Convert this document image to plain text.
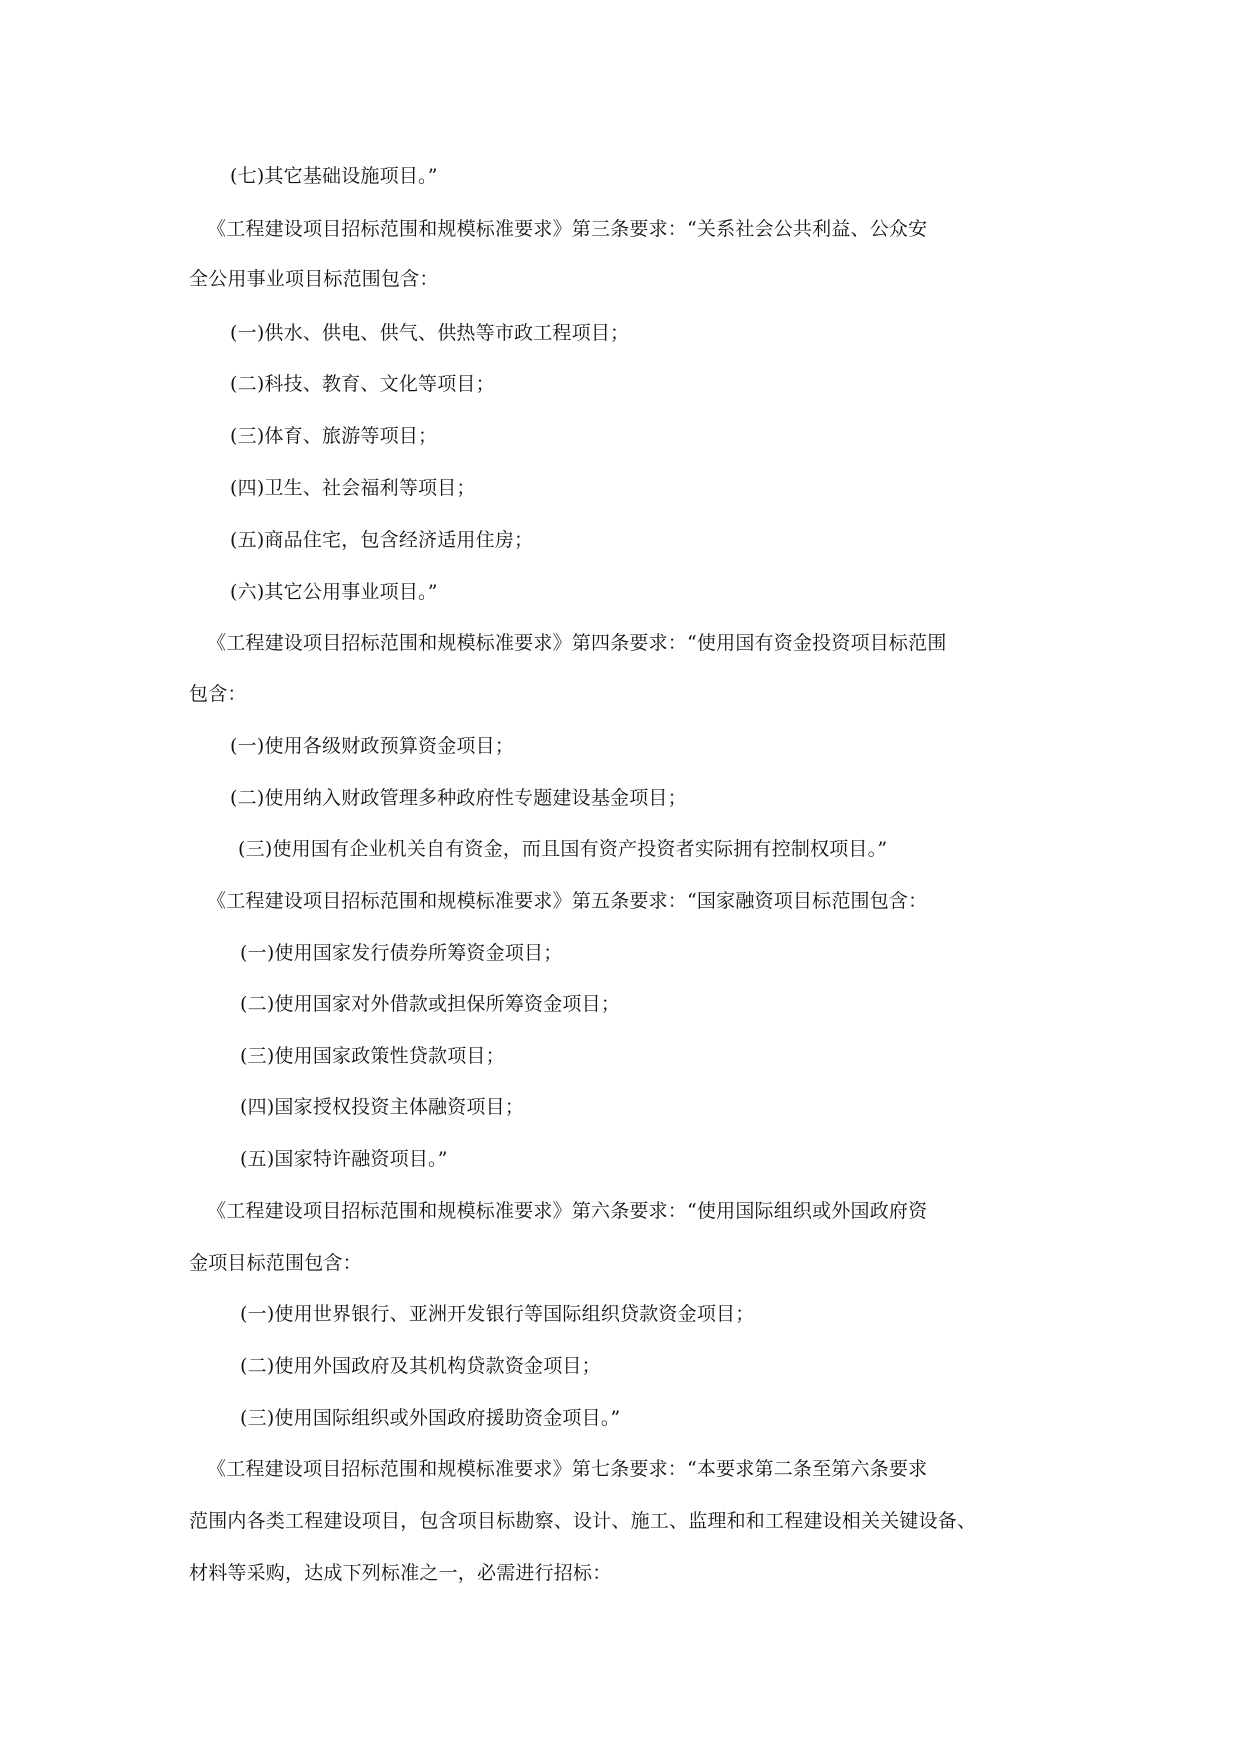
(七)其它基础设施项目。”
《工程建设项目招标范围和规模标准要求》第三条要求：“关系社会公共利益、公众安
全公用事业项目标范围包含：
(一)供水、供电、供气、供热等市政工程项目；
(二)科技、教育、文化等项目；
(三)体育、旅游等项目；
(四)卫生、社会福利等项目；
(五)商品住宅，包含经济适用住房；
(六)其它公用事业项目。”
《工程建设项目招标范围和规模标准要求》第四条要求：“使用国有资金投资项目标范围
包含：
(一)使用各级财政预算资金项目；
(二)使用纳入财政管理多种政府性专题建设基金项目；
(三)使用国有企业机关自有资金，而且国有资产投资者实际拥有控制权项目。”
《工程建设项目招标范围和规模标准要求》第五条要求：“国家融资项目标范围包含：
(一)使用国家发行债券所筹资金项目；
(二)使用国家对外借款或担保所筹资金项目；
(三)使用国家政策性贷款项目；
(四)国家授权投资主体融资项目；
(五)国家特许融资项目。”
《工程建设项目招标范围和规模标准要求》第六条要求：“使用国际组织或外国政府资
金项目标范围包含：
(一)使用世界银行、亚洲开发银行等国际组织贷款资金项目；
(二)使用外国政府及其机构贷款资金项目；
(三)使用国际组织或外国政府援助资金项目。”
《工程建设项目招标范围和规模标准要求》第七条要求：“本要求第二条至第六条要求
范围内各类工程建设项目，包含项目标勘察、设计、施工、监理和和工程建设相关关键设备、
材料等采购，达成下列标准之一，必需进行招标：
